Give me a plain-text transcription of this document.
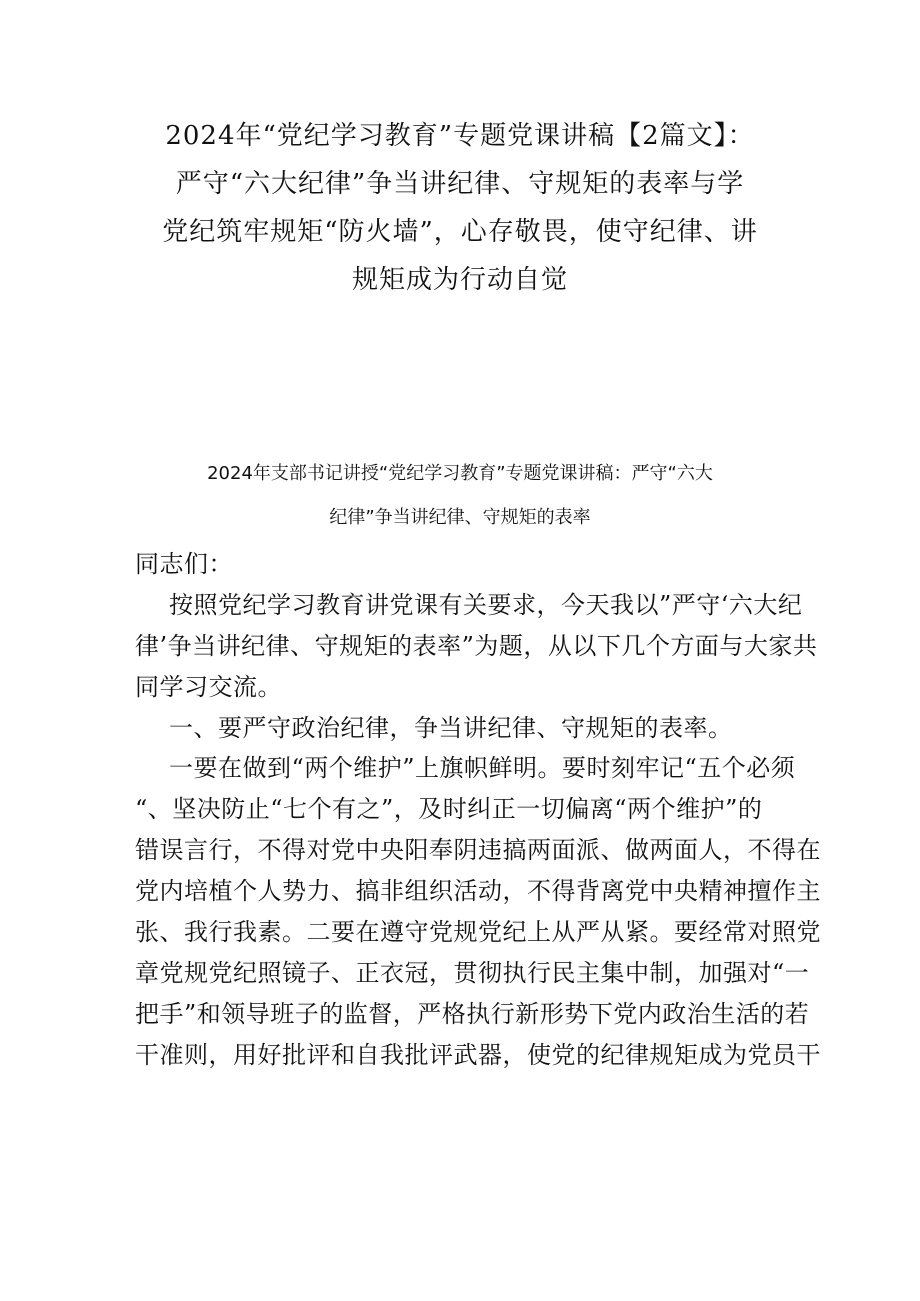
2024年“党纪学习教育”专题党课讲稿【2篇文】：
严守“六大纪律”争当讲纪律、守规矩的表率与学
党纪筑牢规矩“防火墙”，心存敬畏，使守纪律、讲
规矩成为行动自觉
2024年支部书记讲授“党纪学习教育”专题党课讲稿：严守“六大
纪律”争当讲纪律、守规矩的表率
同志们：
按照党纪学习教育讲党课有关要求，今天我以”严守‘六大纪
律’争当讲纪律、守规矩的表率”为题，从以下几个方面与大家共
同学习交流。
一、要严守政治纪律，争当讲纪律、守规矩的表率。
一要在做到“两个维护”上旗帜鲜明。要时刻牢记“五个必须
“、坚决防止“七个有之”，及时纠正一切偏离“两个维护”的
错误言行，不得对党中央阳奉阴违搞两面派、做两面人，不得在
党内培植个人势力、搞非组织活动，不得背离党中央精神擅作主
张、我行我素。二要在遵守党规党纪上从严从紧。要经常对照党
章党规党纪照镜子、正衣冠，贯彻执行民主集中制，加强对“一
把手”和领导班子的监督，严格执行新形势下党内政治生活的若
干准则，用好批评和自我批评武器，使党的纪律规矩成为党员干
